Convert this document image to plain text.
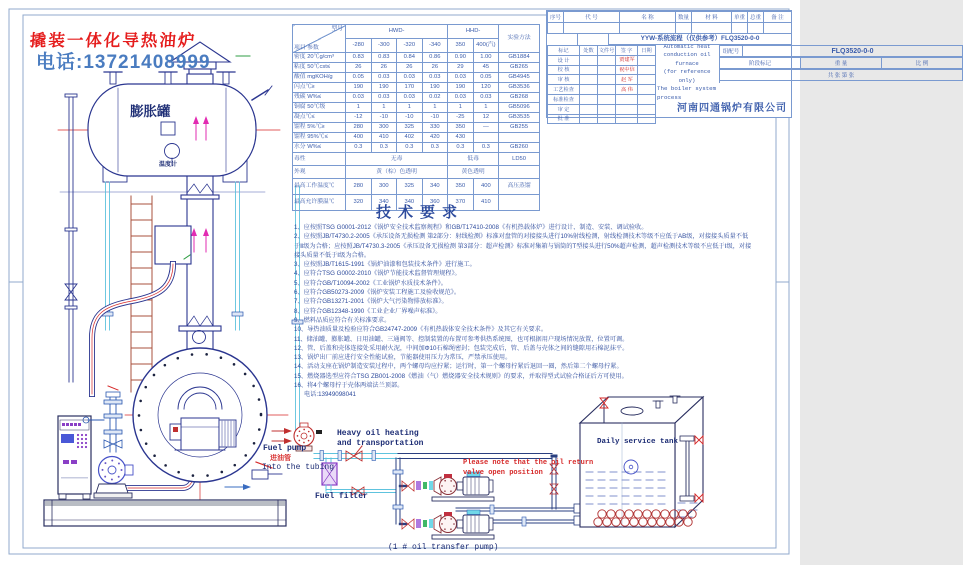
撬装一体化导热油炉
电话:13721408999
膨胀罐
温度计
Fuel pump
进油管
Into the tubing
Heavy oil heating
and transportation
Fuel filter
Please note that the oil return
valve open position
(1 # oil transfer pump)
Daily service tank
型号
项目 参数	HWD-				HHD-		实验方法
	-280	-300	-320	-340	350	400(汽)	
密度 20℃g/cm³	0.83	0.83	0.84	0.86	0.90	1.00	GB1884
粘度 50℃cst≤	26	26	26	26	29	45	GB265
酸值 mgKOH/g	0.05	0.03	0.03	0.03	0.03	0.05	GB4945
闪点℃≥	190	190	170	190	190	120	GB3536
残碳 W%≤	0.03	0.03	0.03	0.02	0.03	0.03	GB268
铜腐 50℃级	1	1	1	1	1	1	GB5096
凝点℃≤	-12	-10	-10	-10	-25	12	GB3535
馏程 5%℃≥	280	300	325	330	350	—	GB255
馏程 95%℃≤	400	410	402	420	430		
水分 W%≤	0.3	0.3	0.3	0.3	0.3	0.3	GB260
毒性	无毒				低毒		LD50
外观	黄（棕）色透明				黄色透明		
最高工作温度℃	280	300	325	340	350	400	高压蒸馏
最高允许膜温℃	320	340	340	360	370	410	
技术要求
1、应按照TSG G0001-2012《锅炉安全技术监察规程》和GB/T17410-2008《有机热载体炉》进行设计、制造、安装、调试验收。
2、应按照JB/T4730.2-2005《承压设备无损检测 第2部分：射线检测》标准对盘管的对接接头进行10%射线检测，射线检测技术等级不应低于AB级，对接接头质量不低于Ⅱ级为合格；应按照JB/T4730.3-2005《承压设备无损检测 第3部分：超声检测》标准对集箱与锅筒的T型接头进行50%超声检测，超声检测技术等级不应低于Ⅰ级，对接接头质量不低于Ⅰ级为合格。
3、应按照JB/T1615-1991《锅炉油漆和包装技术条件》进行施工。
4、应符合TSG G0002-2010《锅炉节能技术监督管理规程》。
5、应符合GB/T10094-2002《工业锅炉水质技术条件》。
6、应符合GB50273-2009《锅炉安装工程施工及验收规范》。
7、应符合GB13271-2001《锅炉大气污染物排放标准》。
8、应符合GB12348-1990《工业企业厂界噪声标准》。
9、燃料品质应符合有关标准要求。
10、导热油质量及检验应符合GB24747-2009《有机热载体安全技术条件》及其它有关要求。
11、储油罐、膨胀罐、日用油罐、三通阀等、控制装置的布置可参考供热系统图，也可根据用户现场情况放置，位置可调。
12、管、后盖和壳体连接处采用耐火泥，中间加Φ10石棉绳密封；包装完成后，管、后盖与壳体之间的缝隙用石棉泥抹平。
13、锅炉出厂前应进行安全性能试验，节能器使用压力为常压，严禁承压使用。
14、活动支座在锅炉制造安装过程中，两个螺母均应拧紧；运行时，第一个螺母拧紧后退回一圈，然后第二个螺母拧紧。
15、燃烧器选型应符合TSG ZB001-2008《燃油（气）燃烧器安全技术规则》的要求，并取得型式试验合格证后方可使用。
16、将4个螺母拧于壳体两端法兰顶部。
电话:13949098041
序号	代 号	名 称	数量	材 料	单重	总重	备 注

YYW-系统流程（仅供参考）FLQ3520-0-0
标记	处数	文件号	签 字	日期
设 计			贾建军	
校 核			祝中信	
审 核			赵 军	
工艺检查			高 伟	
标准检查				
审 定				
批 准				
Automatic heat
conduction oil furnace
(for reference only)
组配号	FLQ3520-0-0
阶段标记	重 量	比 例
共 张 第 张
The boiler system
process
河南四通锅炉有限公司
